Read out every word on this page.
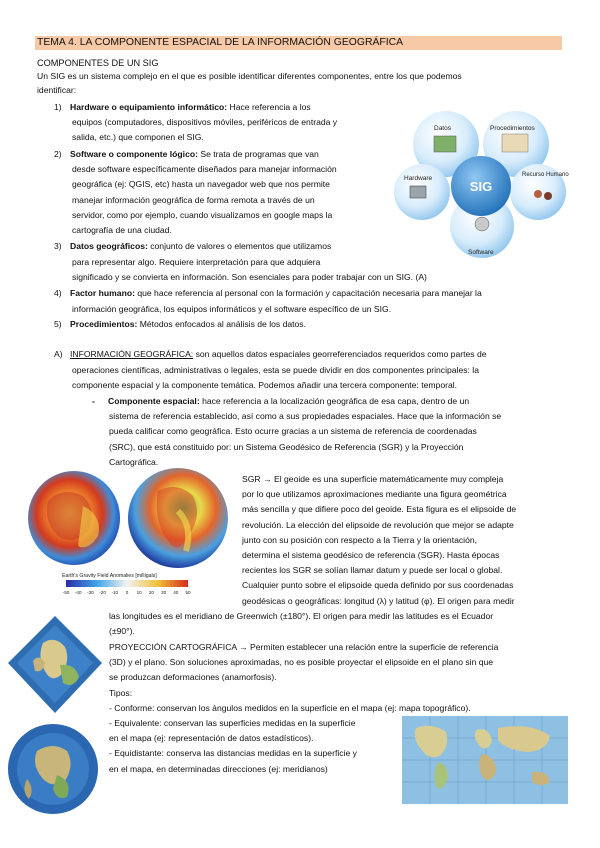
TEMA 4. LA COMPONENTE ESPACIAL DE LA INFORMACIÓN GEOGRÁFICA
COMPONENTES DE UN SIG
Un SIG es un sistema complejo en el que es posible identificar diferentes componentes, entre los que podemos
identificar:
1) Hardware o equipamiento informático: Hace referencia a los
equipos (computadores, dispositivos móviles, periféricos de entrada y
salida, etc.) que componen el SIG.
2) Software o componente lógico: Se trata de programas que van
desde software específicamente diseñados para manejar información
geográfica (ej: QGIS, etc) hasta un navegador web que nos permite
manejar información geográfica de forma remota a través de un
servidor, como por ejemplo, cuando visualizamos en google maps la
cartografía de una ciudad.
3) Datos geográficos: conjunto de valores o elementos que utilizamos
para representar algo. Requiere interpretación para que adquiera
significado y se convierta en información. Son esenciales para poder trabajar con un SIG. (A)
4) Factor humano: que hace referencia al personal con la formación y capacitación necesaria para manejar la
información geográfica, los equipos informáticos y el software específico de un SIG.
5) Procedimientos: Métodos enfocados al análisis de los datos.
SIG
Datos	Procedimientos
Hardware	Recurso Humano
Software
A) INFORMACIÓN GEOGRÁFICA: son aquellos datos espaciales georreferenciados requeridos como partes de
operaciones científicas, administrativas o legales, esta se puede dividir en dos componentes principales: la
componente espacial y la componente temática. Podemos añadir una tercera componente: temporal.
- Componente espacial: hace referencia a la localización geográfica de esa capa, dentro de un
sistema de referencia establecido, así como a sus propiedades espaciales. Hace que la información se
pueda calificar como geográfica. Esto ocurre gracias a un sistema de referencia de coordenadas
(SRC), que está constituido por: un Sistema Geodésico de Referencia (SGR) y la Proyección
Cartográfica.
Earth's Gravity Field Anomalies [milligals]
-50 -40 -30 -20 -10 0 10 20 30 40 50
SGR → El geoide es una superficie matemáticamente muy compleja
por lo que utilizamos aproximaciones mediante una figura geométrica
más sencilla y que difiere poco del geoide. Esta figura es el elipsoide de
revolución. La elección del elipsoide de revolución que mejor se adapte
junto con su posición con respecto a la Tierra y la orientación,
determina el sistema geodésico de referencia (SGR). Hasta épocas
recientes los SGR se solían llamar datum y puede ser local o global.
Cualquier punto sobre el elipsoide queda definido por sus coordenadas
geodésicas o geográficas: longitud (λ) y latitud (φ). El origen para medir
las longitudes es el meridiano de Greenwich (±180°). El origen para medir las latitudes es el Ecuador
(±90°).
PROYECCIÓN CARTOGRÁFICA → Permiten establecer una relación entre la superficie de referencia
(3D) y el plano. Son soluciones aproximadas, no es posible proyectar el elipsoide en el plano sin que
se produzcan deformaciones (anamorfosis).
Tipos:
- Conforme: conservan los ángulos medidos en la superficie en el mapa (ej: mapa topográfico).
- Equivalente: conservan las superficies medidas en la superficie
en el mapa (ej: representación de datos estadísticos).
- Equidistante: conserva las distancias medidas en la superficie y
en el mapa, en determinadas direcciones (ej: meridianos)
